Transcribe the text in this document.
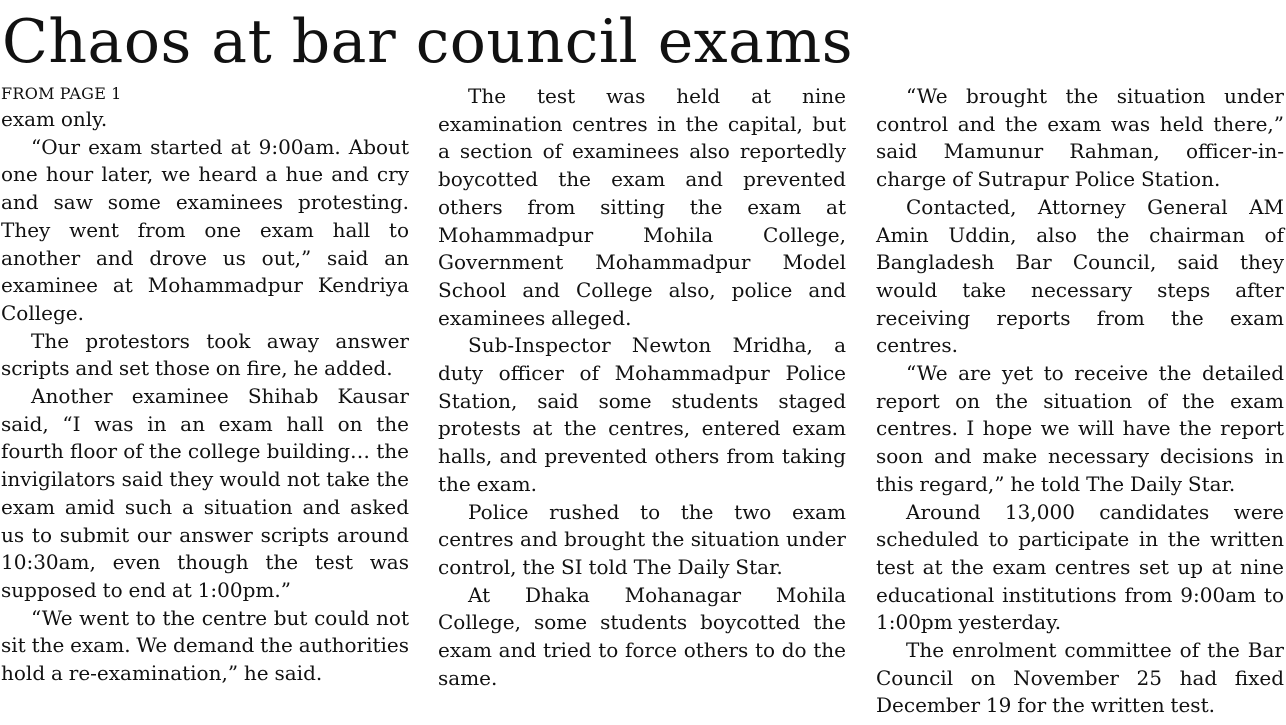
Chaos at bar council exams
FROM PAGE 1

exam only.

“Our exam started at 9:00am. About one hour later, we heard a hue and cry and saw some examinees protesting. They went from one exam hall to another and drove us out,” said an examinee at Mohammadpur Kendriya College.

The protestors took away answer scripts and set those on fire, he added.

Another examinee Shihab Kausar said, “I was in an exam hall on the fourth floor of the college building… the invigilators said they would not take the exam amid such a situation and asked us to submit our answer scripts around 10:30am, even though the test was supposed to end at 1:00pm.”

“We went to the centre but could not sit the exam. We demand the authorities hold a re-examination,” he said.

The test was held at nine examination centres in the capital, but a section of examinees also reportedly boycotted the exam and prevented others from sitting the exam at Mohammadpur Mohila College, Government Mohammadpur Model School and College also, police and examinees alleged.

Sub-Inspector Newton Mridha, a duty officer of Mohammadpur Police Station, said some students staged protests at the centres, entered exam halls, and prevented others from taking the exam.

Police rushed to the two exam centres and brought the situation under control, the SI told The Daily Star.

At Dhaka Mohanagar Mohila College, some students boycotted the exam and tried to force others to do the same.

“We brought the situation under control and the exam was held there,” said Mamunur Rahman, officer-in-charge of Sutrapur Police Station.

Contacted, Attorney General AM Amin Uddin, also the chairman of Bangladesh Bar Council, said they would take necessary steps after receiving reports from the exam centres.

“We are yet to receive the detailed report on the situation of the exam centres. I hope we will have the report soon and make necessary decisions in this regard,” he told The Daily Star.

Around 13,000 candidates were scheduled to participate in the written test at the exam centres set up at nine educational institutions from 9:00am to 1:00pm yesterday.

The enrolment committee of the Bar Council on November 25 had fixed December 19 for the written test.
